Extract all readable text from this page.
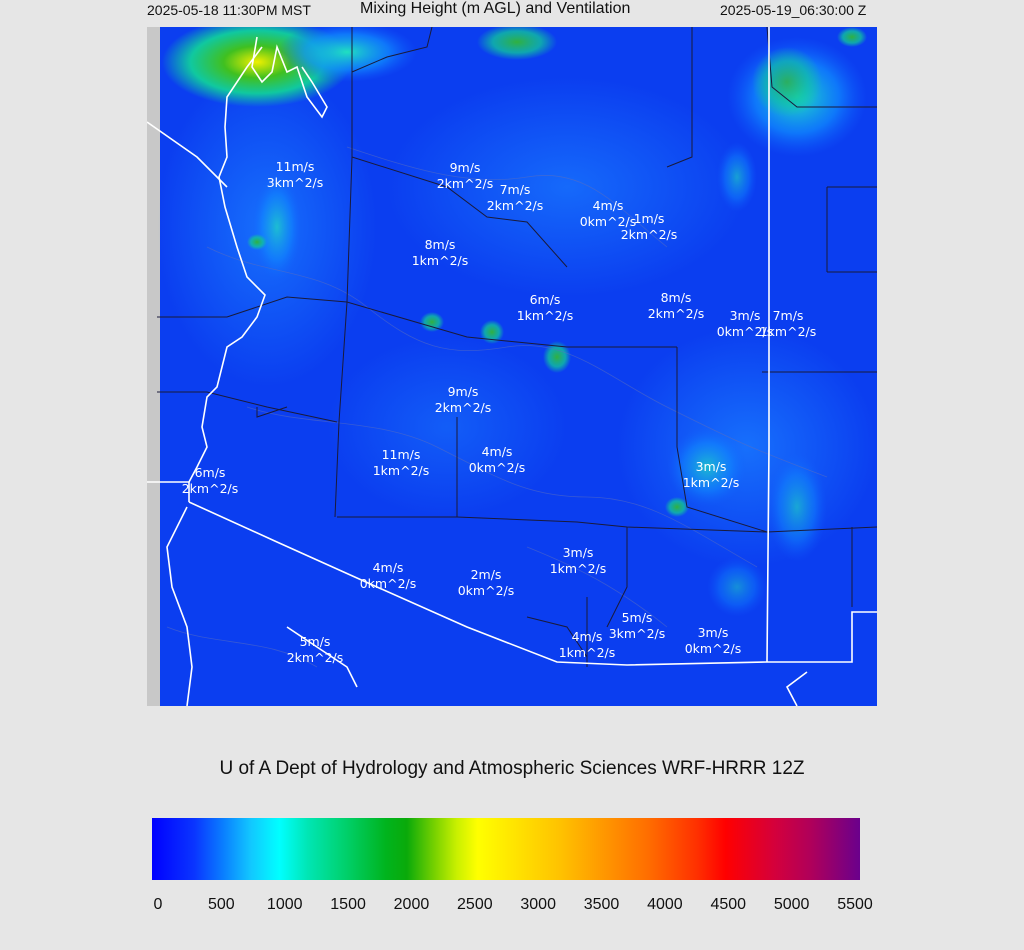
2025-05-18 11:30PM MST	Mixing Height (m AGL) and Ventilation	2025-05-19_06:30:00 Z
11m/s
3km^2/s
9m/s
2km^2/s 7m/s
2km^2/s	4m/s
0km^2/s
1m/s
2km^2/s
8m/s
1km^2/s
6m/s
1km^2/s
8m/s
2km^2/s 3m/s
0km^2/s
7m/s
1km^2/s
9m/s
2km^2/s
11m/s
1km^2/s
4m/s
0km^2/s	3m/s
1km^2/s
6m/s
2km^2/s
3m/s
1km^2/s
4m/s
0km^2/s
2m/s
0km^2/s
5m/s
3km^2/s
4m/s
1km^2/s
3m/s
0km^2/s
5m/s
2km^2/s
U of A Dept of Hydrology and Atmospheric Sciences WRF-HRRR 12Z
0	500 1000 1500 2000 2500 3000 3500 4000 4500 5000 5500
